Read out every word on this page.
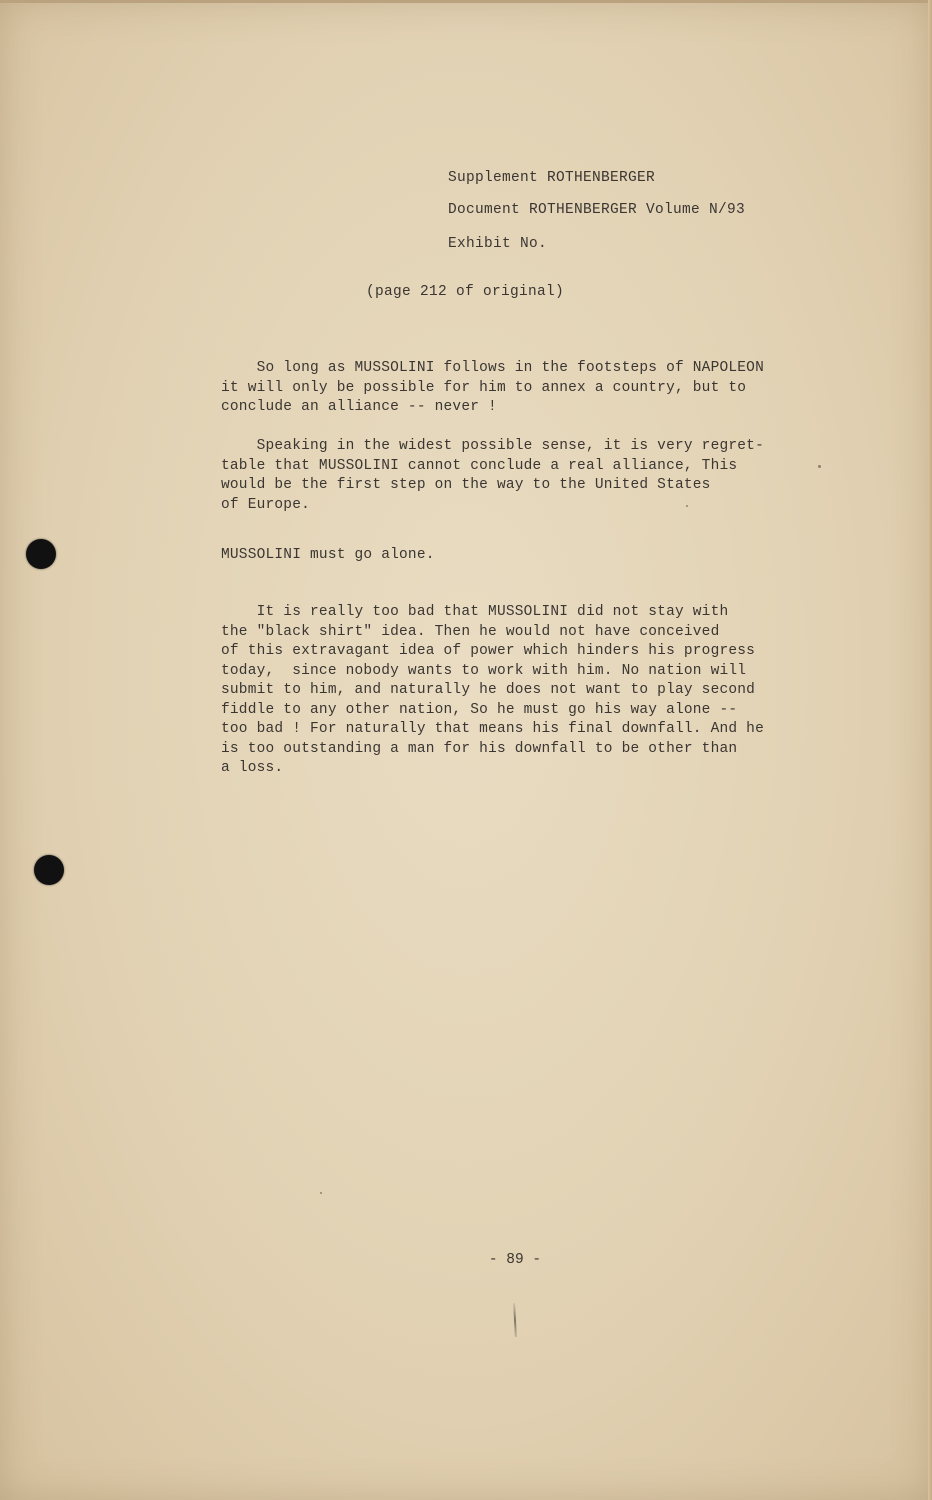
Supplement ROTHENBERGER
Document ROTHENBERGER Volume N/93
Exhibit No.
(page 212 of original)
So long as MUSSOLINI follows in the footsteps of NAPOLEON
it will only be possible for him to annex a country, but to
conclude an alliance -- never !
Speaking in the widest possible sense, it is very regret-
table that MUSSOLINI cannot conclude a real alliance, This
would be the first step on the way to the United States
of Europe.
MUSSOLINI must go alone.
It is really too bad that MUSSOLINI did not stay with
the "black shirt" idea. Then he would not have conceived
of this extravagant idea of power which hinders his progress
today,  since nobody wants to work with him. No nation will
submit to him, and naturally he does not want to play second
fiddle to any other nation, So he must go his way alone --
too bad ! For naturally that means his final downfall. And he
is too outstanding a man for his downfall to be other than
a loss.
- 89 -
